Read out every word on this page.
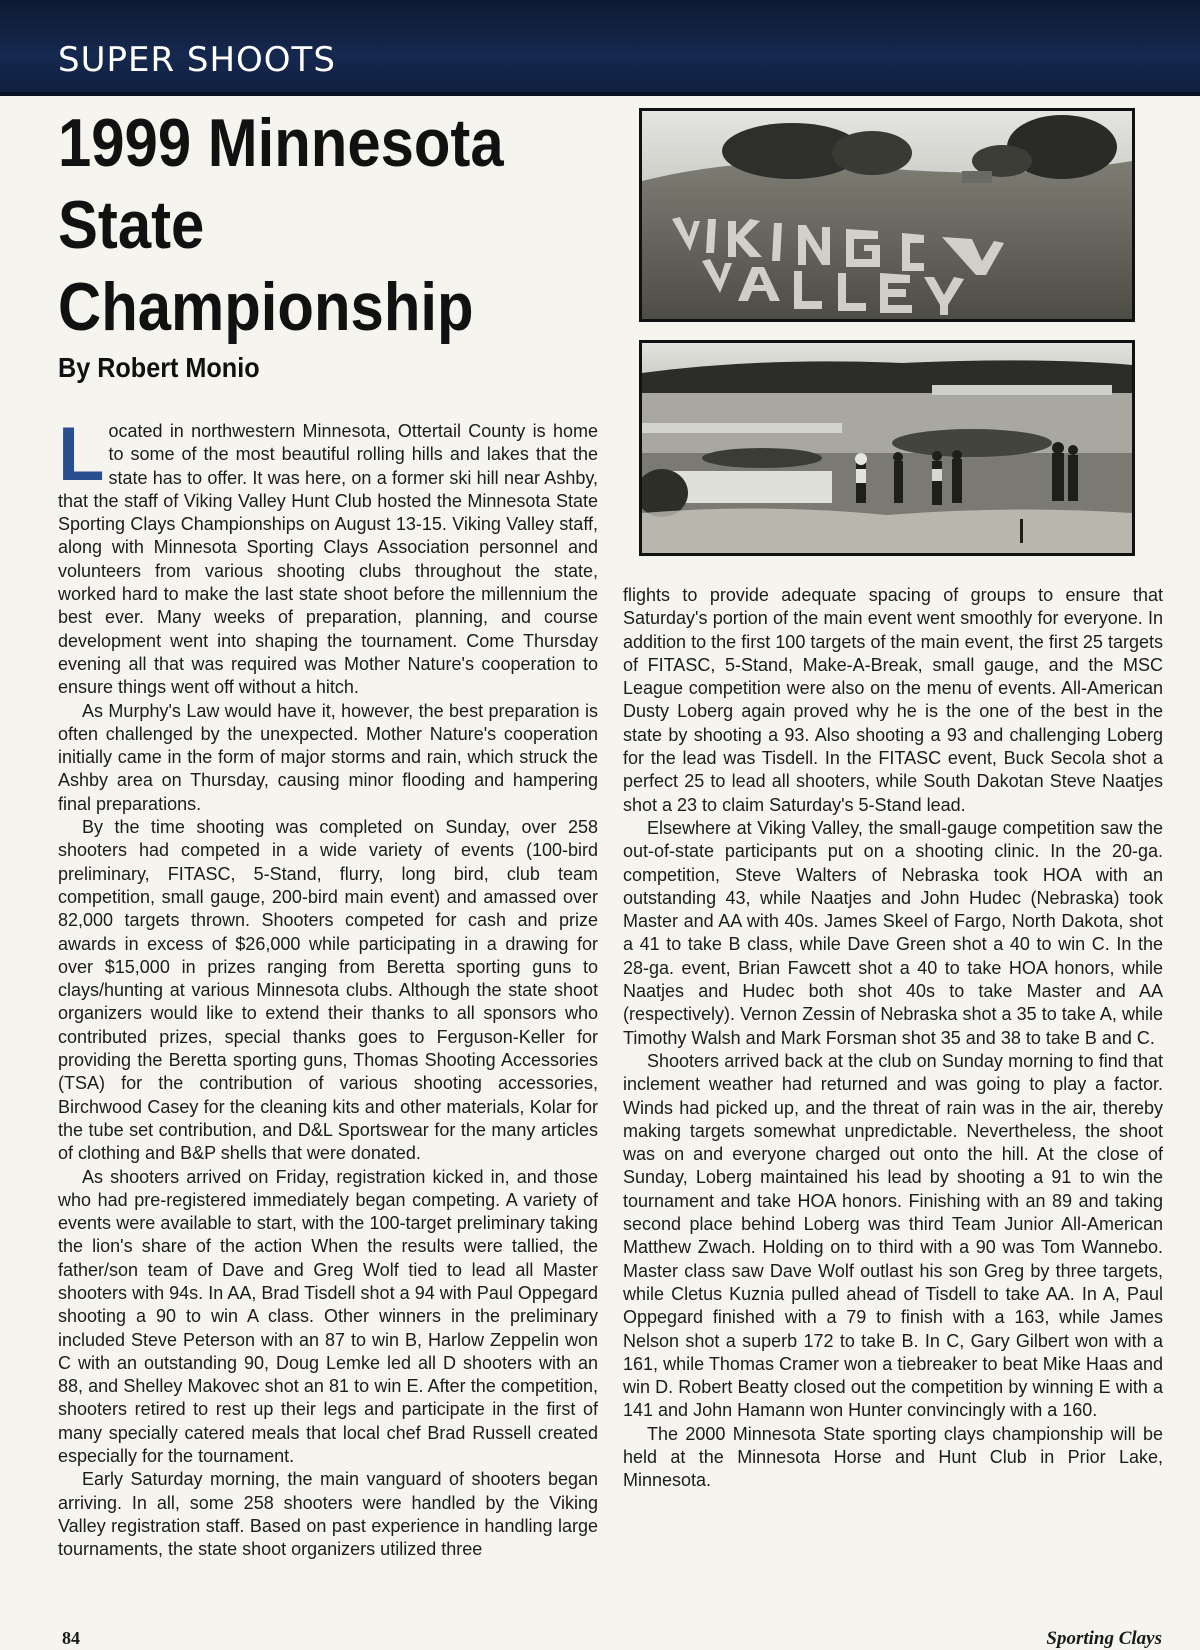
SUPER SHOOTS
1999 Minnesota State Championship
By Robert Monio

Located in northwestern Minnesota, Ottertail County is home to some of the most beautiful rolling hills and lakes that the state has to offer. It was here, on a former ski hill near Ashby, that the staff of Viking Valley Hunt Club hosted the Minnesota State Sporting Clays Championships on August 13-15. Viking Valley staff, along with Minnesota Sporting Clays Association personnel and volunteers from various shooting clubs throughout the state, worked hard to make the last state shoot before the millennium the best ever. Many weeks of preparation, planning, and course development went into shaping the tournament. Come Thursday evening all that was required was Mother Nature's cooperation to ensure things went off without a hitch.

As Murphy's Law would have it, however, the best preparation is often challenged by the unexpected. Mother Nature's cooperation initially came in the form of major storms and rain, which struck the Ashby area on Thursday, causing minor flooding and hampering final preparations.

By the time shooting was completed on Sunday, over 258 shooters had competed in a wide variety of events (100-bird preliminary, FITASC, 5-Stand, flurry, long bird, club team competition, small gauge, 200-bird main event) and amassed over 82,000 targets thrown. Shooters competed for cash and prize awards in excess of $26,000 while participating in a drawing for over $15,000 in prizes ranging from Beretta sporting guns to clays/hunting at various Minnesota clubs. Although the state shoot organizers would like to extend their thanks to all sponsors who contributed prizes, special thanks goes to Ferguson-Keller for providing the Beretta sporting guns, Thomas Shooting Accessories (TSA) for the contribution of various shooting accessories, Birchwood Casey for the cleaning kits and other materials, Kolar for the tube set contribution, and D&L Sportswear for the many articles of clothing and B&P shells that were donated.

As shooters arrived on Friday, registration kicked in, and those who had pre-registered immediately began competing. A variety of events were available to start, with the 100-target preliminary taking the lion's share of the action When the results were tallied, the father/son team of Dave and Greg Wolf tied to lead all Master shooters with 94s. In AA, Brad Tisdell shot a 94 with Paul Oppegard shooting a 90 to win A class. Other winners in the preliminary included Steve Peterson with an 87 to win B, Harlow Zeppelin won C with an outstanding 90, Doug Lemke led all D shooters with an 88, and Shelley Makovec shot an 81 to win E. After the competition, shooters retired to rest up their legs and participate in the first of many specially catered meals that local chef Brad Russell created especially for the tournament.

Early Saturday morning, the main vanguard of shooters began arriving. In all, some 258 shooters were handled by the Viking Valley registration staff. Based on past experience in handling large tournaments, the state shoot organizers utilized three

flights to provide adequate spacing of groups to ensure that Saturday's portion of the main event went smoothly for everyone. In addition to the first 100 targets of the main event, the first 25 targets of FITASC, 5-Stand, Make-A-Break, small gauge, and the MSC League competition were also on the menu of events. All-American Dusty Loberg again proved why he is the one of the best in the state by shooting a 93. Also shooting a 93 and challenging Loberg for the lead was Tisdell. In the FITASC event, Buck Secola shot a perfect 25 to lead all shooters, while South Dakotan Steve Naatjes shot a 23 to claim Saturday's 5-Stand lead.

Elsewhere at Viking Valley, the small-gauge competition saw the out-of-state participants put on a shooting clinic. In the 20-ga. competition, Steve Walters of Nebraska took HOA with an outstanding 43, while Naatjes and John Hudec (Nebraska) took Master and AA with 40s. James Skeel of Fargo, North Dakota, shot a 41 to take B class, while Dave Green shot a 40 to win C. In the 28-ga. event, Brian Fawcett shot a 40 to take HOA honors, while Naatjes and Hudec both shot 40s to take Master and AA (respectively). Vernon Zessin of Nebraska shot a 35 to take A, while Timothy Walsh and Mark Forsman shot 35 and 38 to take B and C.

Shooters arrived back at the club on Sunday morning to find that inclement weather had returned and was going to play a factor. Winds had picked up, and the threat of rain was in the air, thereby making targets somewhat unpredictable. Nevertheless, the shoot was on and everyone charged out onto the hill. At the close of Sunday, Loberg maintained his lead by shooting a 91 to win the tournament and take HOA honors. Finishing with an 89 and taking second place behind Loberg was third Team Junior All-American Matthew Zwach. Holding on to third with a 90 was Tom Wannebo. Master class saw Dave Wolf outlast his son Greg by three targets, while Cletus Kuznia pulled ahead of Tisdell to take AA. In A, Paul Oppegard finished with a 79 to finish with a 163, while James Nelson shot a superb 172 to take B. In C, Gary Gilbert won with a 161, while Thomas Cramer won a tiebreaker to beat Mike Haas and win D. Robert Beatty closed out the competition by winning E with a 141 and John Hamann won Hunter convincingly with a 160.

The 2000 Minnesota State sporting clays championship will be held at the Minnesota Horse and Hunt Club in Prior Lake, Minnesota.

84	Sporting Clays
